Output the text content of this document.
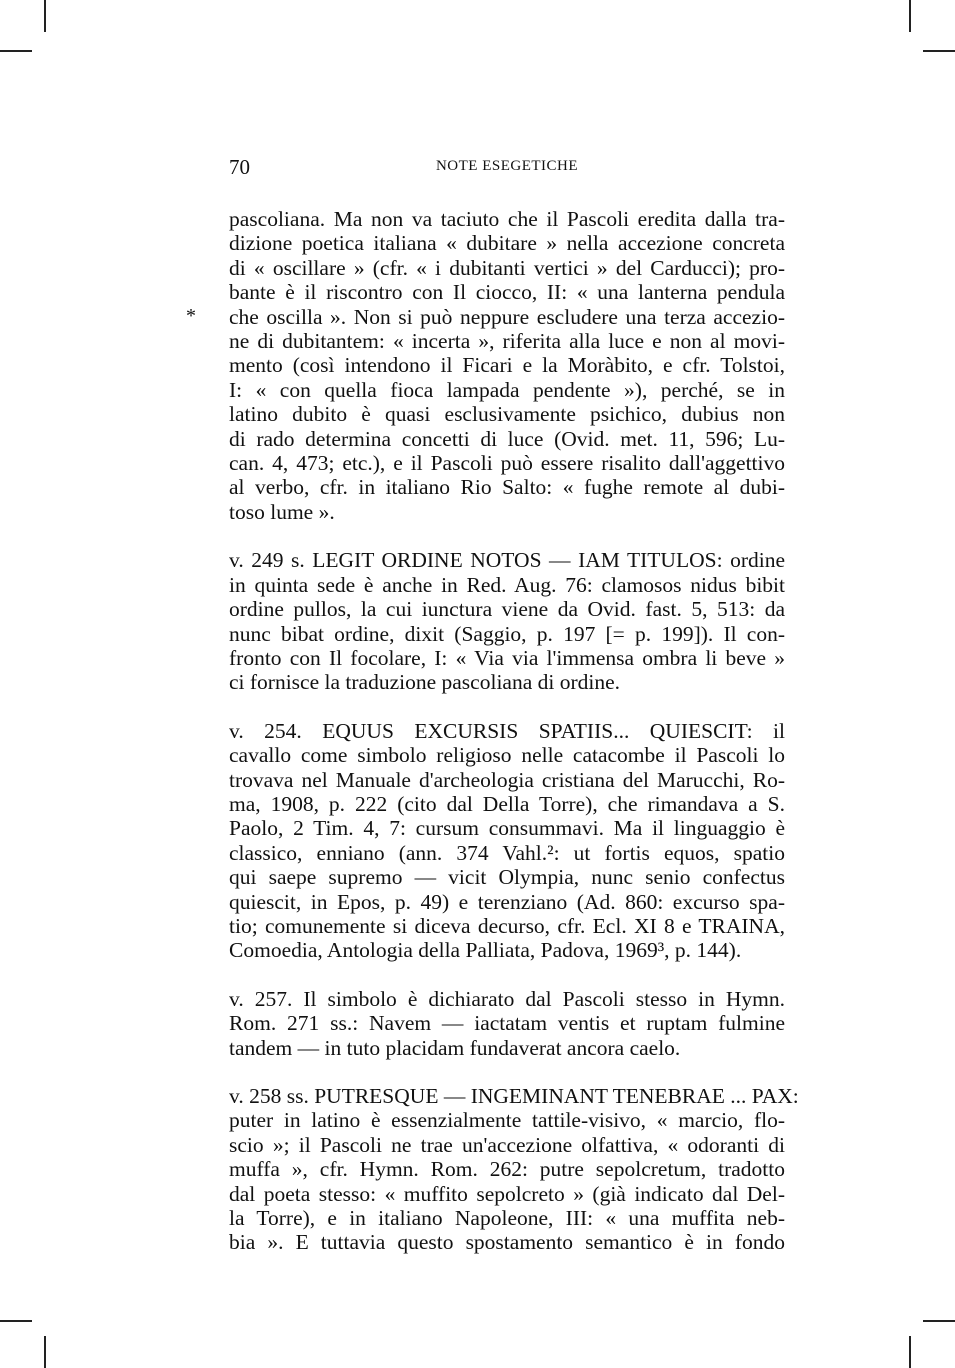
70	NOTE ESEGETICHE
*
pascoliana. Ma non va taciuto che il Pascoli eredita dalla tra-
dizione poetica italiana « dubitare » nella accezione concreta
di « oscillare » (cfr. « i dubitanti vertici » del Carducci); pro-
bante è il riscontro con Il ciocco, II: « una lanterna pendula
che oscilla ». Non si può neppure escludere una terza accezio-
ne di dubitantem: « incerta », riferita alla luce e non al movi-
mento (così intendono il Ficari e la Moràbito, e cfr. Tolstoi,
I: « con quella fioca lampada pendente »), perché, se in
latino dubito è quasi esclusivamente psichico, dubius non
di rado determina concetti di luce (Ovid. met. 11, 596; Lu-
can. 4, 473; etc.), e il Pascoli può essere risalito dall'aggettivo
al verbo, cfr. in italiano Rio Salto: « fughe remote al dubi-
toso lume ».
v. 249 s. LEGIT ORDINE NOTOS — IAM TITULOS: ordine
in quinta sede è anche in Red. Aug. 76: clamosos nidus bibit
ordine pullos, la cui iunctura viene da Ovid. fast. 5, 513: da
nunc bibat ordine, dixit (Saggio, p. 197 [= p. 199]). Il con-
fronto con Il focolare, I: « Via via l'immensa ombra li beve »
ci fornisce la traduzione pascoliana di ordine.
v. 254. EQUUS EXCURSIS SPATIIS... QUIESCIT: il
cavallo come simbolo religioso nelle catacombe il Pascoli lo
trovava nel Manuale d'archeologia cristiana del Marucchi, Ro-
ma, 1908, p. 222 (cito dal Della Torre), che rimandava a S.
Paolo, 2 Tim. 4, 7: cursum consummavi. Ma il linguaggio è
classico, enniano (ann. 374 Vahl.²: ut fortis equos, spatio
qui saepe supremo — vicit Olympia, nunc senio confectus
quiescit, in Epos, p. 49) e terenziano (Ad. 860: excurso spa-
tio; comunemente si diceva decurso, cfr. Ecl. XI 8 e TRAINA,
Comoedia, Antologia della Palliata, Padova, 1969³, p. 144).
v. 257. Il simbolo è dichiarato dal Pascoli stesso in Hymn.
Rom. 271 ss.: Navem — iactatam ventis et ruptam fulmine
tandem — in tuto placidam fundaverat ancora caelo.
v. 258 ss. PUTRESQUE — INGEMINANT TENEBRAE ... PAX:
puter in latino è essenzialmente tattile-visivo, « marcio, flo-
scio »; il Pascoli ne trae un'accezione olfattiva, « odoranti di
muffa », cfr. Hymn. Rom. 262: putre sepolcretum, tradotto
dal poeta stesso: « muffito sepolcreto » (già indicato dal Del-
la Torre), e in italiano Napoleone, III: « una muffita neb-
bia ». E tuttavia questo spostamento semantico è in fondo
